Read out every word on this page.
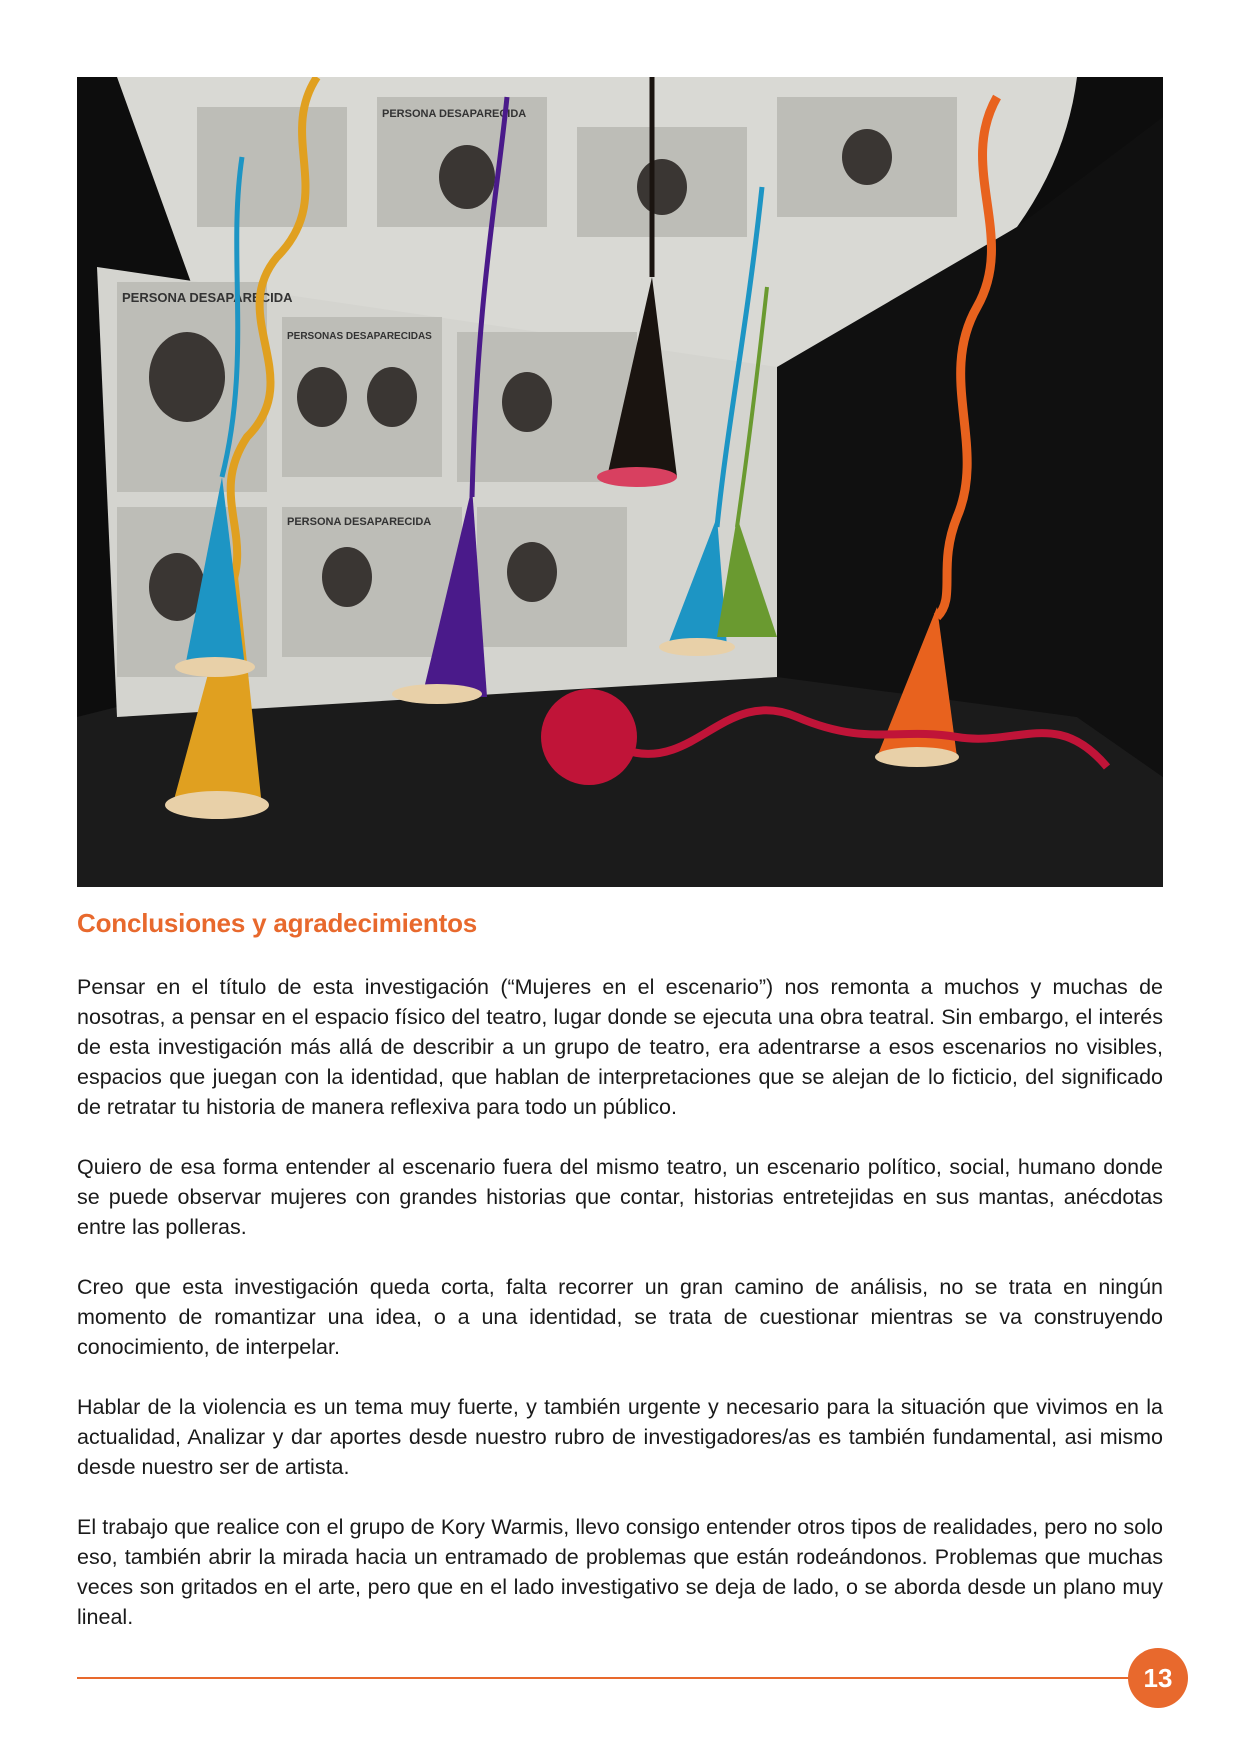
PERSONA DESAPARECIDA
PERSONAS DESAPARECIDAS
PERSONA DESAPARECIDA
PERSONA DESAPARECIDA
Conclusiones y agradecimientos

Pensar en el título de esta investigación (“Mujeres en el escenario”) nos remonta a muchos y muchas de nosotras, a pensar en el espacio físico del teatro, lugar donde se ejecuta una obra teatral. Sin embargo, el interés de esta investigación más allá de describir a un grupo de teatro, era adentrarse a esos escenarios no visibles, espacios que juegan con la identidad, que hablan de interpretaciones que se alejan de lo ficticio, del significado de retratar tu historia de manera reflexiva para todo un público.

Quiero de esa forma entender al escenario fuera del mismo teatro, un escenario político, social, humano donde se puede observar mujeres con grandes historias que contar, historias entretejidas en sus mantas, anécdotas entre las polleras.

Creo que esta investigación queda corta, falta recorrer un gran camino de análisis, no se trata en ningún momento de romantizar una idea, o a una identidad, se trata de cuestionar mientras se va construyendo conocimiento, de interpelar.

Hablar de la violencia es un tema muy fuerte, y también urgente y necesario para la situación que vivimos en la actualidad, Analizar y dar aportes desde nuestro rubro de investigadores/as es también fundamental, asi mismo desde nuestro ser de artista.

El trabajo que realice con el grupo de Kory Warmis, llevo consigo entender otros tipos de realidades, pero no solo eso, también abrir la mirada hacia un entramado de problemas que están rodeándonos. Problemas que muchas veces son gritados en el arte, pero que en el lado investigativo se deja de lado, o se aborda desde un plano muy lineal.

13
